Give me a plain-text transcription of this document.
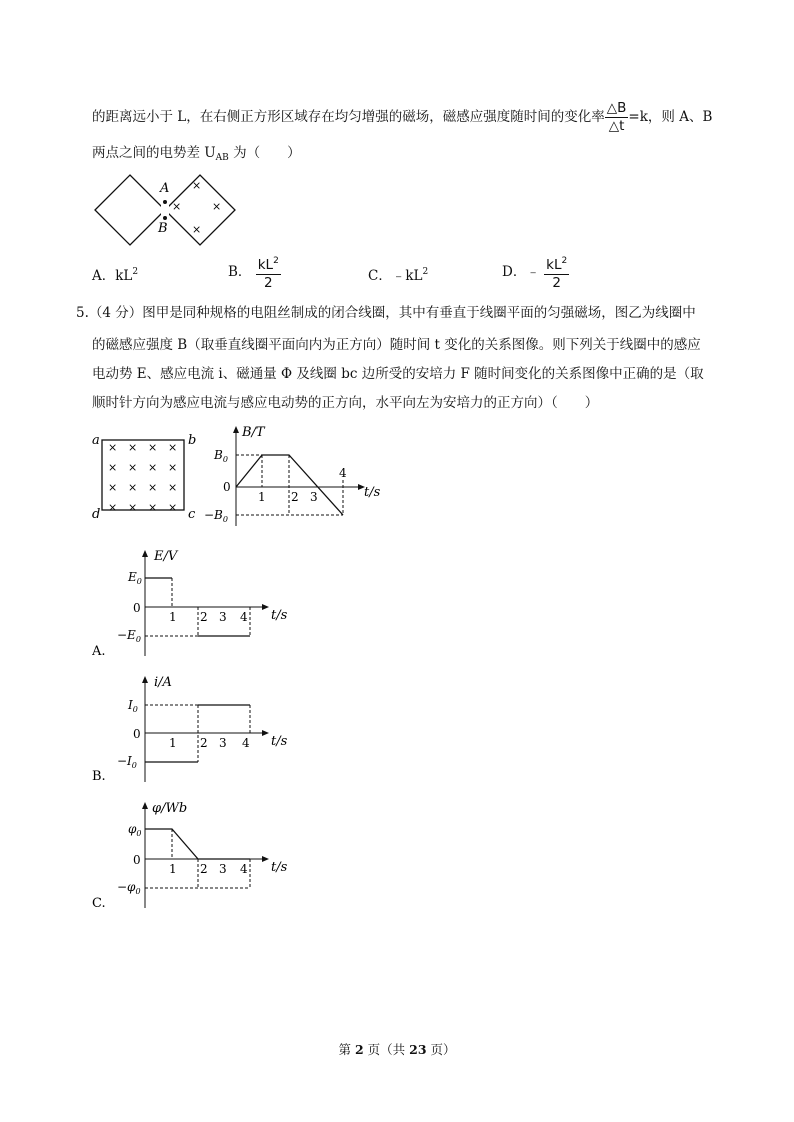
的距离远小于 L，在右侧正方形区域存在均匀增强的磁场，磁感应强度随时间的变化率 $\frac{\triangle B}{\triangle t} =k$，则 A、B
两点之间的电势差 $U_{AB}$ 为（　　）
A
B
×
×	×
×
A．$kL^2$	B． $\frac{kL^2}{2}$	C．$﹣kL^2$	D．﹣ $\frac{kL^2}{2}$
5.（4 分）图甲是同种规格的电阻丝制成的闭合线圈，其中有垂直于线圈平面的匀强磁场，图乙为线圈中
的磁感应强度 B（取垂直线圈平面向内为正方向）随时间 t 变化的关系图像。则下列关于线圈中的感应
电动势 E、感应电流 i、磁通量 Φ 及线圈 bc 边所受的安培力 F 随时间变化的关系图像中正确的是（取
顺时针方向为感应电流与感应电动势的正方向，水平向左为安培力的正方向）（　　）
a	b
c
d
× × × ×
× × × ×
× × × ×
× × × ×
B/T
$B_0$
0
$-B_0$
1 2 3
4
t/s
E/V
$E_0$
0
$-E_0$
1 2 3 4 t/s
A.
i/A
$I_0$
0
$-I_0$
1 2 3 4 t/s
B.
φ/Wb
$\varphi_0$
0
$-\varphi_0$
1 2 3 4 t/s
C.
第 2 页（共 23 页）
